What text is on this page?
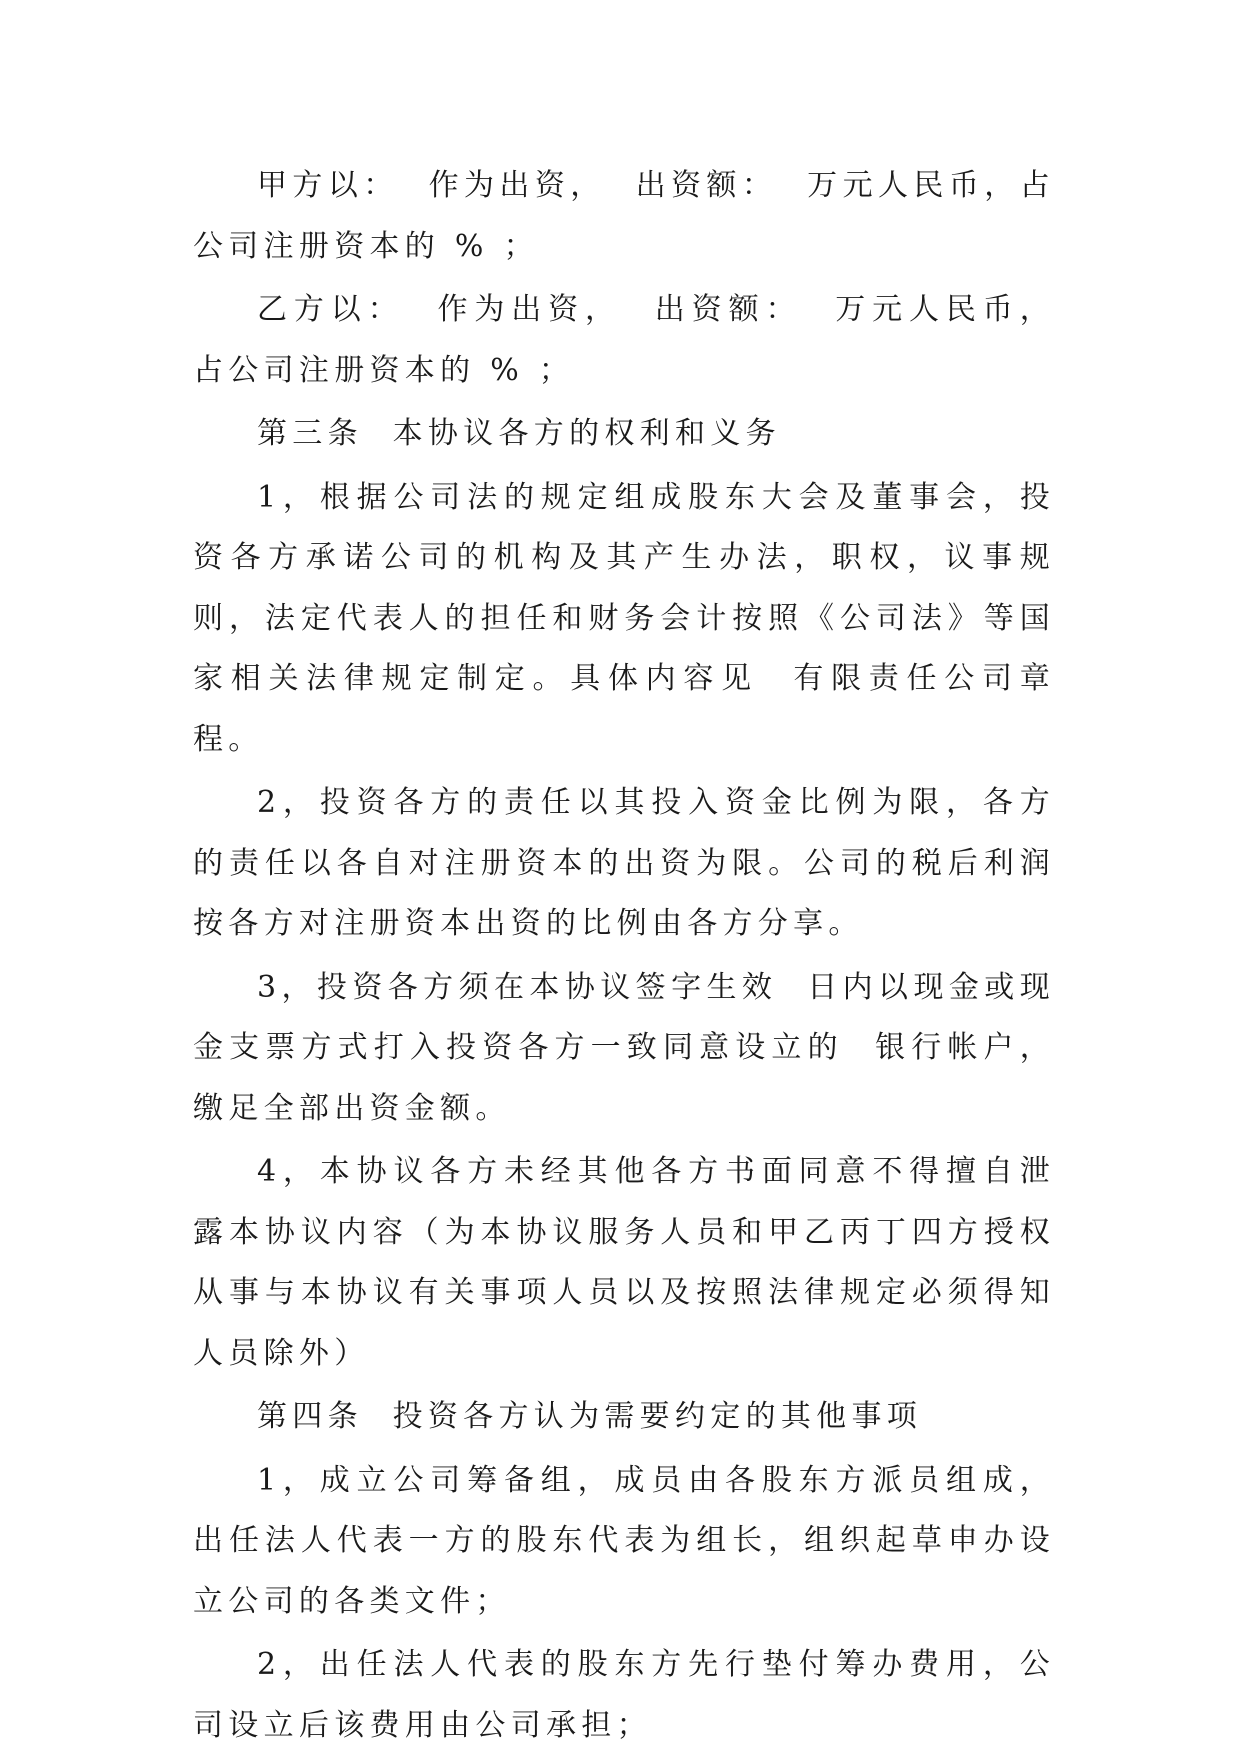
甲方以：  作为出资，  出资额：  万元人民币，占公司注册资本的 % ；

乙方以：  作为出资，  出资额：  万元人民币，  占公司注册资本的 % ；

第三条  本协议各方的权利和义务

1，根据公司法的规定组成股东大会及董事会，投资各方承诺公司的机构及其产生办法，职权，议事规则，法定代表人的担任和财务会计按照《公司法》等国家相关法律规定制定。具体内容见  有限责任公司章程。

2，投资各方的责任以其投入资金比例为限，各方的责任以各自对注册资本的出资为限。公司的税后利润按各方对注册资本出资的比例由各方分享。

3，投资各方须在本协议签字生效  日内以现金或现金支票方式打入投资各方一致同意设立的  银行帐户，缴足全部出资金额。

4，本协议各方未经其他各方书面同意不得擅自泄露本协议内容（为本协议服务人员和甲乙丙丁四方授权从事与本协议有关事项人员以及按照法律规定必须得知人员除外）

第四条  投资各方认为需要约定的其他事项

1，成立公司筹备组，成员由各股东方派员组成，出任法人代表一方的股东代表为组长，组织起草申办设立公司的各类文件；

2，出任法人代表的股东方先行垫付筹办费用，公司设立后该费用由公司承担；
